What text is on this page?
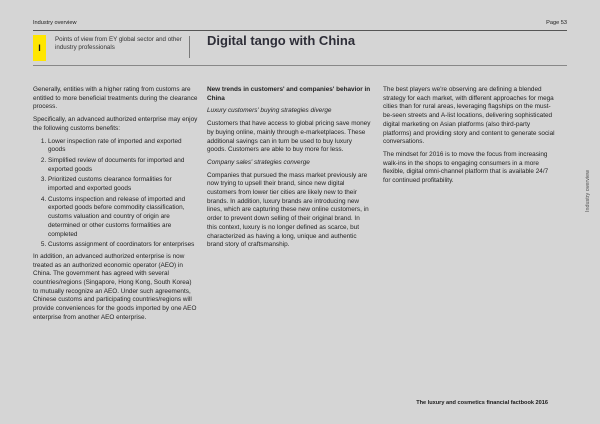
Industry overview	Page 53
I
Points of view from EY global sector and other industry professionals	Digital tango with China

Generally, entities with a higher rating from customs are entitled to more beneficial treatments during the clearance process.

Specifically, an advanced authorized enterprise may enjoy the following customs benefits:

1. Lower inspection rate of imported and exported goods
2. Simplified review of documents for imported and exported goods
3. Prioritized customs clearance formalities for imported and exported goods
4. Customs inspection and release of imported and exported goods before commodity classification, customs valuation and country of origin are determined or other customs formalities are completed
5. Customs assignment of coordinators for enterprises

In addition, an advanced authorized enterprise is now treated as an authorized economic operator (AEO) in China. The government has agreed with several countries/regions (Singapore, Hong Kong, South Korea) to mutually recognize an AEO. Under such agreements, Chinese customs and participating countries/regions will provide conveniences for the goods imported by one AEO enterprise from another AEO enterprise.

New trends in customers' and companies' behavior in China

Luxury customers' buying strategies diverge

Customers that have access to global pricing save money by buying online, mainly through e-marketplaces. These additional savings can in turn be used to buy luxury goods. Customers are able to buy more for less.

Company sales' strategies converge

Companies that pursued the mass market previously are now trying to upsell their brand, since new digital customers from lower tier cities are likely new to their brands. In addition, luxury brands are introducing new lines, which are capturing these new online customers, in order to prevent down selling of their original brand. In this context, luxury is no longer defined as scarce, but characterized as having a long, unique and authentic brand story of craftsmanship.

The best players we're observing are defining a blended strategy for each market, with different approaches for mega cities than for rural areas, leveraging flagships on the must-be-seen streets and A-list locations, delivering sophisticated digital marketing on Asian platforms (also third-party platforms) and providing story and content to generate social conversations.

The mindset for 2016 is to move the focus from increasing walk-ins in the shops to engaging consumers in a more flexible, digital omni-channel platform that is available 24/7 for continued profitability.	Industry overview
The luxury and cosmetics financial factbook 2016
